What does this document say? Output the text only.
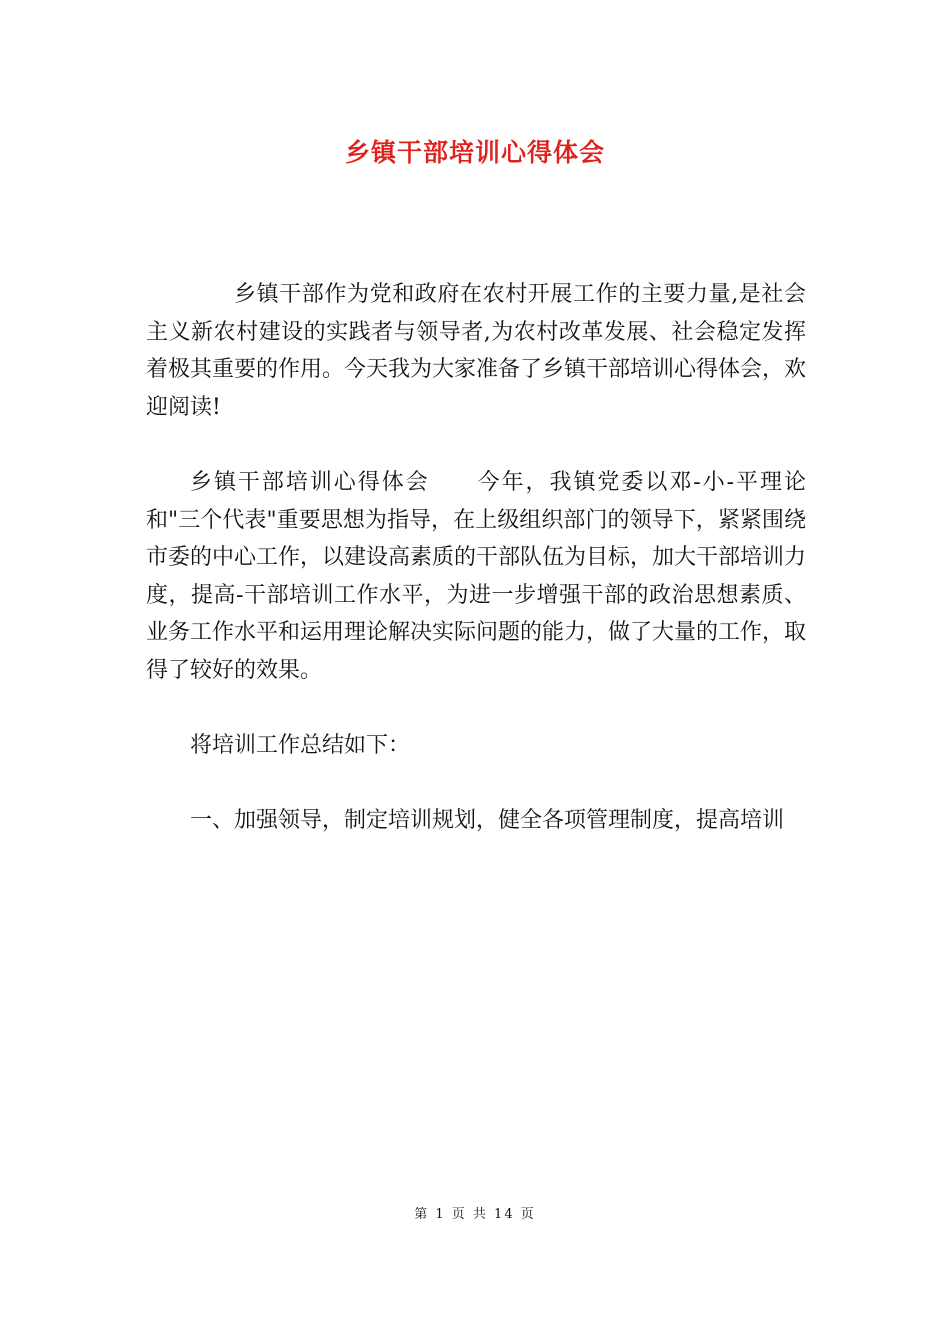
乡镇干部培训心得体会

乡镇干部作为党和政府在农村开展工作的主要力量,是社会主义新农村建设的实践者与领导者,为农村改革发展、社会稳定发挥着极其重要的作用。今天我为大家准备了乡镇干部培训心得体会，欢迎阅读!

乡镇干部培训心得体会　　今年，我镇党委以邓-小-平理论和"三个代表"重要思想为指导，在上级组织部门的领导下，紧紧围绕市委的中心工作，以建设高素质的干部队伍为目标，加大干部培训力度，提高-干部培训工作水平，为进一步增强干部的政治思想素质、业务工作水平和运用理论解决实际问题的能力，做了大量的工作，取得了较好的效果。

将培训工作总结如下：

一、加强领导，制定培训规划，健全各项管理制度，提高培训

第 1 页 共 14 页
